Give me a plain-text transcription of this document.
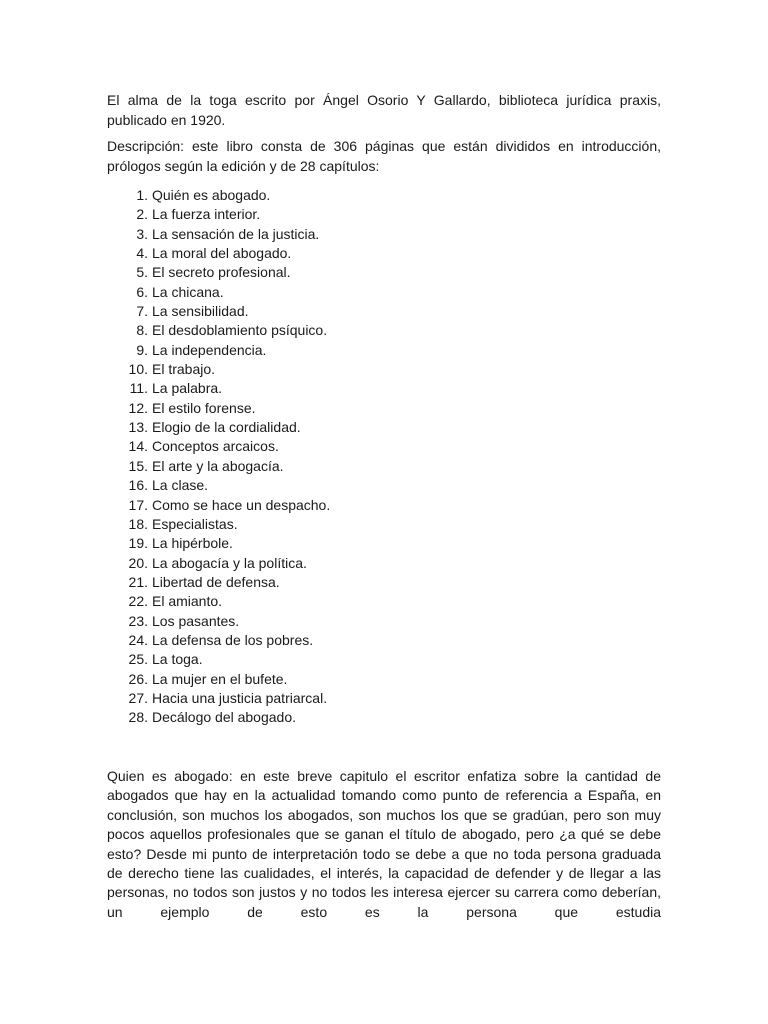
El alma de la toga escrito por Ángel Osorio Y Gallardo, biblioteca jurídica praxis, publicado en 1920.

Descripción: este libro consta de 306 páginas que están divididos en introducción, prólogos según la edición y de 28 capítulos:

1. Quién es abogado.
2. La fuerza interior.
3. La sensación de la justicia.
4. La moral del abogado.
5. El secreto profesional.
6. La chicana.
7. La sensibilidad.
8. El desdoblamiento psíquico.
9. La independencia.
10. El trabajo.
11. La palabra.
12. El estilo forense.
13. Elogio de la cordialidad.
14. Conceptos arcaicos.
15. El arte y la abogacía.
16. La clase.
17. Como se hace un despacho.
18. Especialistas.
19. La hipérbole.
20. La abogacía y la política.
21. Libertad de defensa.
22. El amianto.
23. Los pasantes.
24. La defensa de los pobres.
25. La toga.
26. La mujer en el bufete.
27. Hacia una justicia patriarcal.
28. Decálogo del abogado.

Quien es abogado: en este breve capitulo el escritor enfatiza sobre la cantidad de abogados que hay en la actualidad tomando como punto de referencia a España, en conclusión, son muchos los abogados, son muchos los que se gradúan, pero son muy pocos aquellos profesionales que se ganan el título de abogado, pero ¿a qué se debe esto? Desde mi punto de interpretación todo se debe a que no toda persona graduada de derecho tiene las cualidades, el interés, la capacidad de defender y de llegar a las personas, no todos son justos y no todos les interesa ejercer su carrera como deberían, un ejemplo de esto es la persona que estudia
